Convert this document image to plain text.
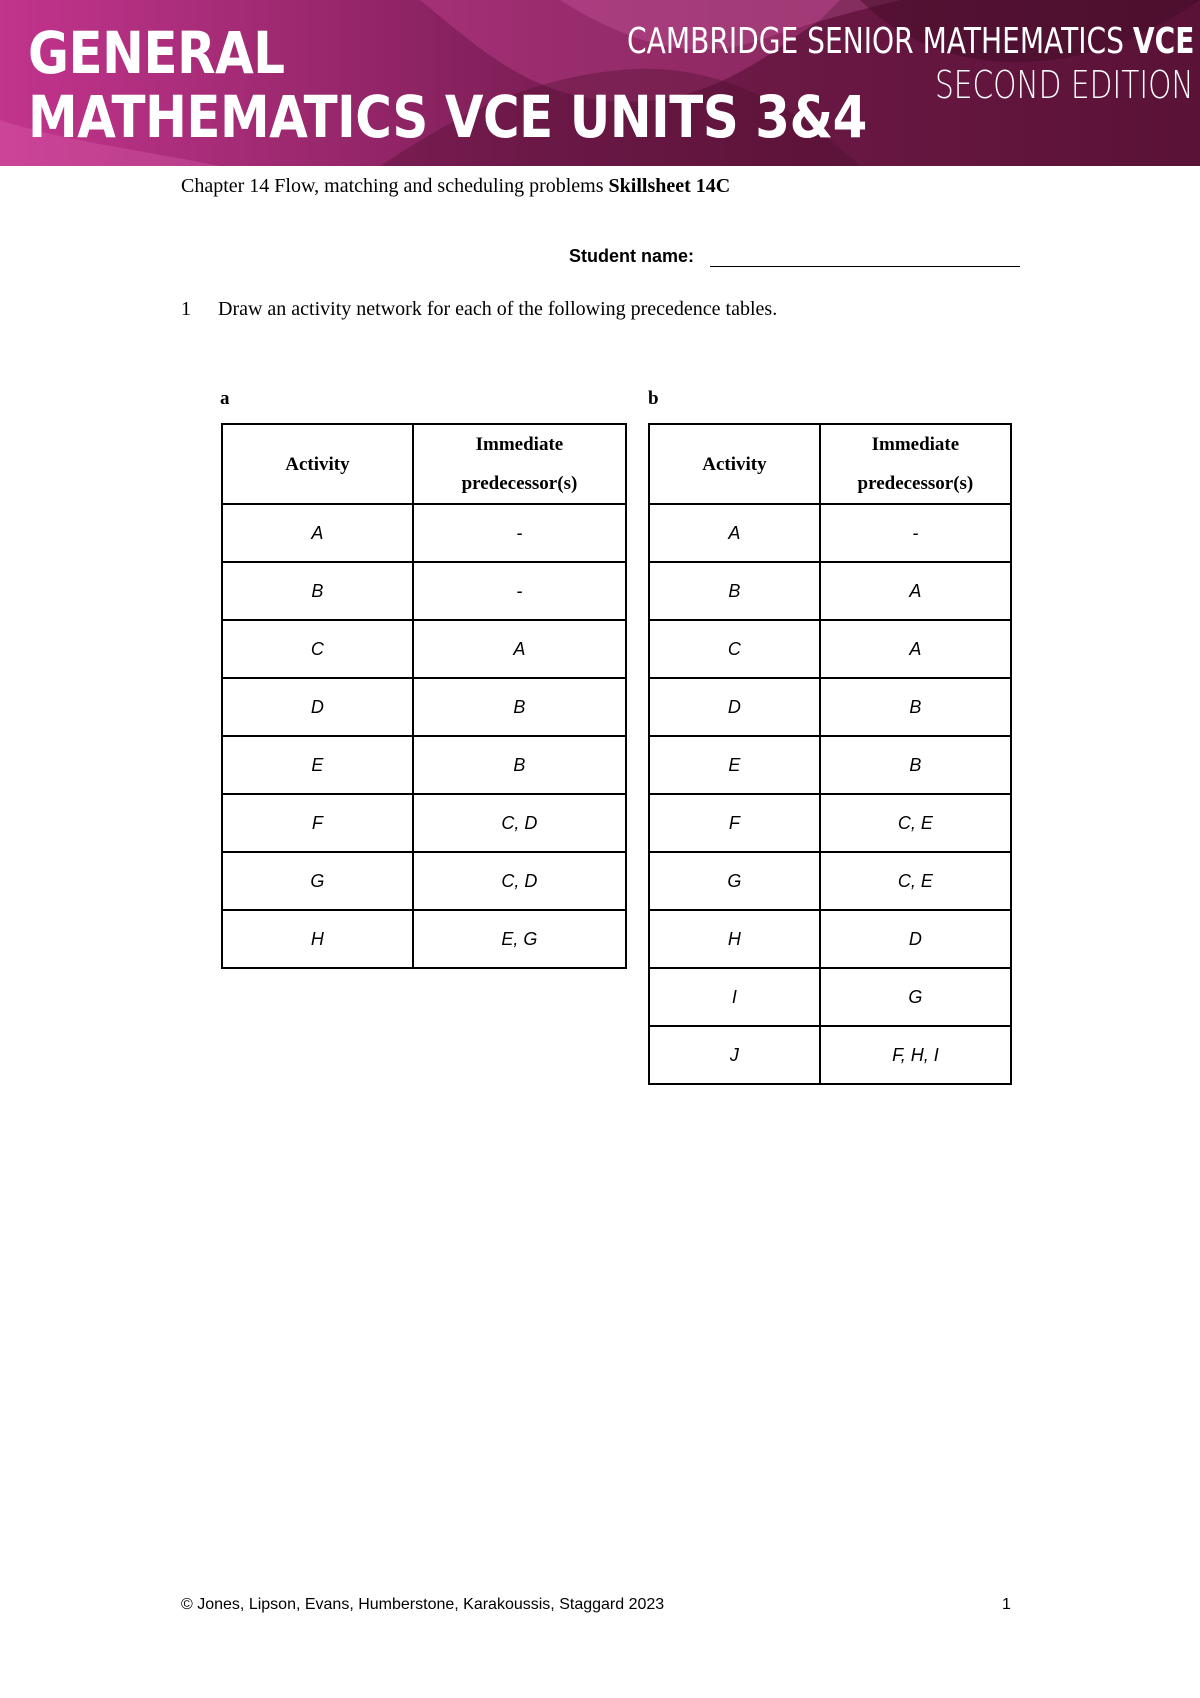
GENERAL
MATHEMATICS VCE UNITS 3&4
CAMBRIDGE SENIOR MATHEMATICS VCE
SECOND EDITION
Chapter 14 Flow, matching and scheduling problems Skillsheet 14C
Student name:
1 Draw an activity network for each of the following precedence tables.
a
Activity	Immediate
predecessor(s)
A	-
B	-
C	A
D	B
E	B
F	C, D
G	C, D
H	E, G
b
Activity	Immediate
predecessor(s)
A	-
B	A
C	A
D	B
E	B
F	C, E
G	C, E
H	D
I	G
J	F, H, I
© Jones, Lipson, Evans, Humberstone, Karakoussis, Staggard 2023	1
